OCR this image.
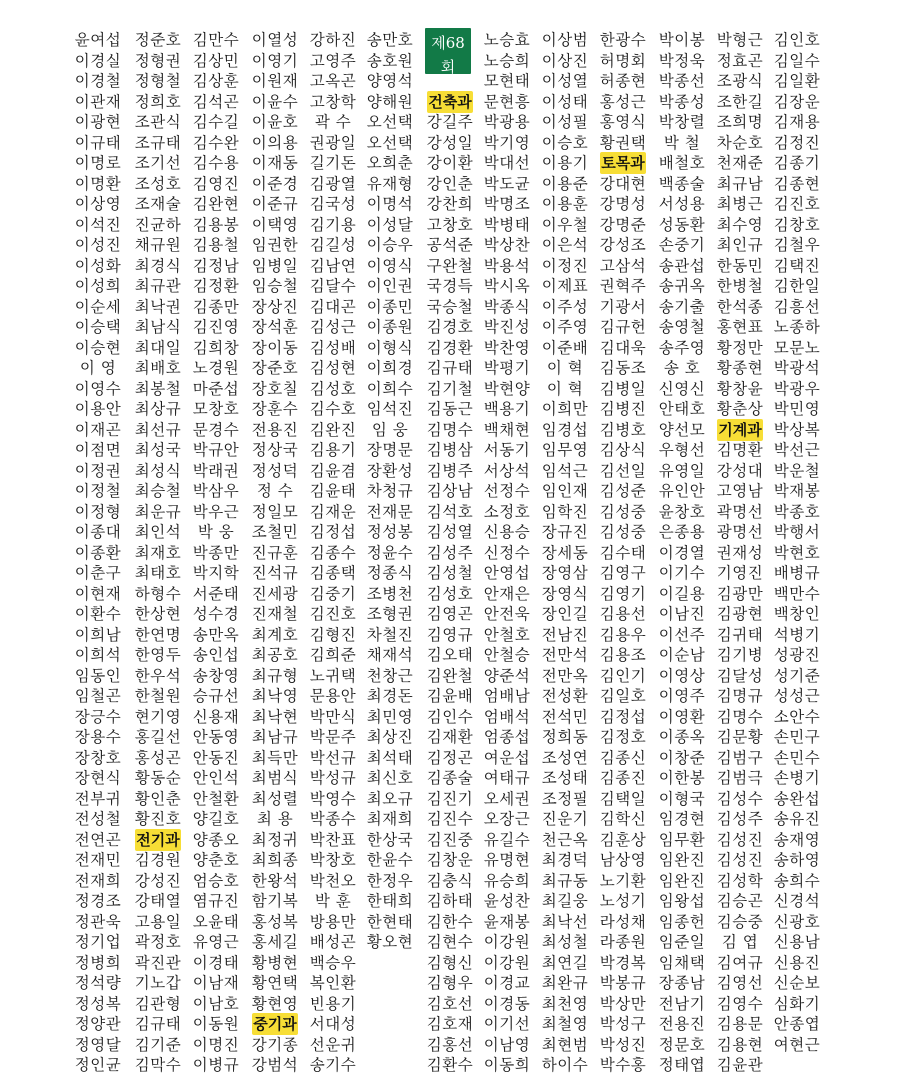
윤여섭
이경실
이경철
이관재
이광현
이규태
이명로
이명환
이상영
이석진
이성진
이성화
이성희
이순세
이승택
이승현
이 영
이영수
이용안
이재곤
이점면
이정권
이정철
이정형
이종대
이종환
이춘구
이현재
이환수
이희남
이희석
임동인
임철곤
장긍수
장용수
장창호
장현식
전부귀
전성철
전연곤
전재민
전재희
정경조
정관욱
정기업
정병희
정석량
정성복
정양관
정영달
정인균
정준호
정형권
정형철
정희호
조관식
조규태
조기선
조성호
조재술
진균하
채규원
최경식
최규관
최낙권
최남식
최대일
최배호
최봉철
최상규
최선규
최성국
최성식
최승철
최운규
최인석
최재호
최태호
하형수
한상현
한연명
한영두
한우석
한철원
현기영
홍길선
홍성곤
황동순
황인춘
황진호
전기과
김경원
강성진
강태열
고용일
곽정호
곽진관
기노갑
김관형
김규태
김기준
김막수
김만수
김상민
김상훈
김석곤
김수길
김수완
김수용
김영진
김완현
김용봉
김용철
김정남
김정환
김종만
김진영
김희창
노경원
마준섭
모창호
문경수
박규안
박래권
박삼우
박우근
박 웅
박종만
박지학
서준태
성수경
송만옥
송인섭
송창영
승규선
신용재
안동영
안동진
안인석
안철환
양길호
양종오
양춘호
엄승호
염규진
오윤태
유영근
이경태
이남재
이남호
이동원
이명진
이병규
이열성
이영기
이원재
이윤수
이윤호
이의용
이재동
이준경
이준규
이택영
임권한
임병일
임승철
장상진
장석훈
장이동
장준호
장호칠
장훈수
전용진
정상국
정성덕
정 수
정일모
조철민
진규훈
진석규
진세광
진재철
최계호
최공호
최규형
최낙영
최낙현
최남규
최득만
최범식
최성렬
최 용
최정귀
최희종
한왕석
함기복
홍성복
홍세길
황병현
황연택
황현영
중기과
강기종
강범석
강하진
고영주
고옥곤
고창학
곽 수
권광일
길기돈
김광열
김국성
김기용
김길성
김남연
김달수
김대곤
김성근
김성배
김성현
김성호
김수호
김완진
김용기
김윤겸
김윤태
김재운
김정섭
김종수
김종택
김중기
김진호
김형진
김희준
노귀택
문용안
박만식
박문주
박선규
박성규
박영수
박종수
박찬표
박창호
박천오
박 훈
방용만
배성곤
백승우
복인환
빈용기
서대성
선운귀
송기수
송만호
송호원
양영석
양해원
오선택
오선택
오희춘
유재형
이명석
이성달
이승우
이영식
이인권
이종민
이종원
이형식
이희경
이희수
임석진
임 웅
장명문
장환성
차청규
전재문
정성봉
정윤수
정종식
조병천
조형권
차철진
채재석
천창근
최경돈
최민영
최상진
최석태
최신호
최오규
최재희
한상국
한윤수
한정우
한태희
한현태
황오현
제68회
(1986)
건축과
강길주
강성일
강이환
강인춘
강찬희
고창호
공석준
구완철
국경득
국승철
김경호
김경환
김규태
김기철
김동근
김명수
김병삼
김병주
김상남
김석호
김성열
김성주
김성철
김성호
김영곤
김영규
김오태
김완철
김윤배
김인수
김재환
김정곤
김종술
김진기
김진수
김진중
김창운
김충식
김하태
김한수
김현수
김형신
김형우
김호선
김호재
김홍선
김환수
노승효
노승희
모현태
문현흥
박광용
박기영
박대선
박도균
박명조
박병태
박상찬
박용석
박시옥
박종식
박진성
박찬영
박평기
박현양
백용기
백채현
서동기
서상석
선정수
소정호
신용승
신정수
안영섭
안재은
안전욱
안철호
안철승
양준석
엄배남
엄배석
엄종섭
여운섭
여태규
오세권
오장근
유길수
유명현
유승희
윤성찬
윤재봉
이강원
이강원
이경교
이경동
이기선
이남영
이동희
이상범
이상진
이성열
이성태
이성필
이승호
이용기
이용준
이용훈
이우철
이은석
이정진
이제표
이주성
이주영
이준배
이 혁
이 혁
이희만
임경섭
임무영
임석근
임인재
임학진
장규진
장세동
장영삼
장영식
장인길
전남진
전만석
전만옥
전성환
전석민
정희동
조성연
조성태
조정필
진운기
천근옥
최경덕
최규동
최길웅
최낙선
최성철
최연길
최완규
최천영
최철영
최현범
하이수
한광수
허명회
허종현
홍성근
홍영식
황권택
토목과
강대현
강명성
강명준
강성조
고삼석
권혁주
기광서
김규헌
김대욱
김동조
김병일
김병진
김병호
김상식
김선일
김성준
김성중
김성중
김수태
김영구
김영기
김용선
김용우
김용조
김인기
김일호
김정섭
김정호
김종신
김종진
김택일
김학신
김훈상
남상영
노기환
노성기
라성채
라종원
박경복
박봉규
박상만
박성구
박성진
박수홍
박이봉
박정욱
박종선
박종성
박창렬
박 철
배철호
백종술
서성용
성동환
손중기
송관섭
송귀옥
송기출
송영철
송주영
송 호
신영신
안태호
양선모
우형선
유영일
유인안
윤창호
은종용
이경열
이기수
이길용
이남진
이선주
이순남
이영상
이영주
이영환
이종옥
이창준
이한봉
이형국
임경현
임무환
임완진
임완진
임왕섭
임종헌
임준일
임채택
장종남
전남기
전용진
정문호
정태엽
박형근
정효곤
조광식
조한길
조희명
차순호
천재준
최규남
최병근
최수영
최인규
한동민
한병철
한석종
홍현표
황정만
황종현
황창윤
황춘상
기계과
김명환
강성대
고영남
곽명선
광명선
권재성
기영진
김광만
김광현
김귀태
김기병
김달성
김명규
김명수
김문황
김범구
김범극
김성수
김성주
김성진
김성진
김성학
김승곤
김승중
김 엽
김여규
김영선
김영수
김용문
김용현
김윤관
김인호
김일수
김일환
김장운
김재용
김정진
김종기
김종현
김진호
김창호
김철우
김택진
김한일
김흥선
노종하
모문노
박광석
박광우
박민영
박상복
박선근
박운철
박재봉
박종호
박행서
박현호
배병규
백만수
백창인
석병기
성광진
성기준
성성근
소안수
손민구
손민수
손병기
송완섭
송유진
송재영
송하영
송희수
신경석
신광호
신용남
신용진
신순보
심화기
안종엽
여현근
